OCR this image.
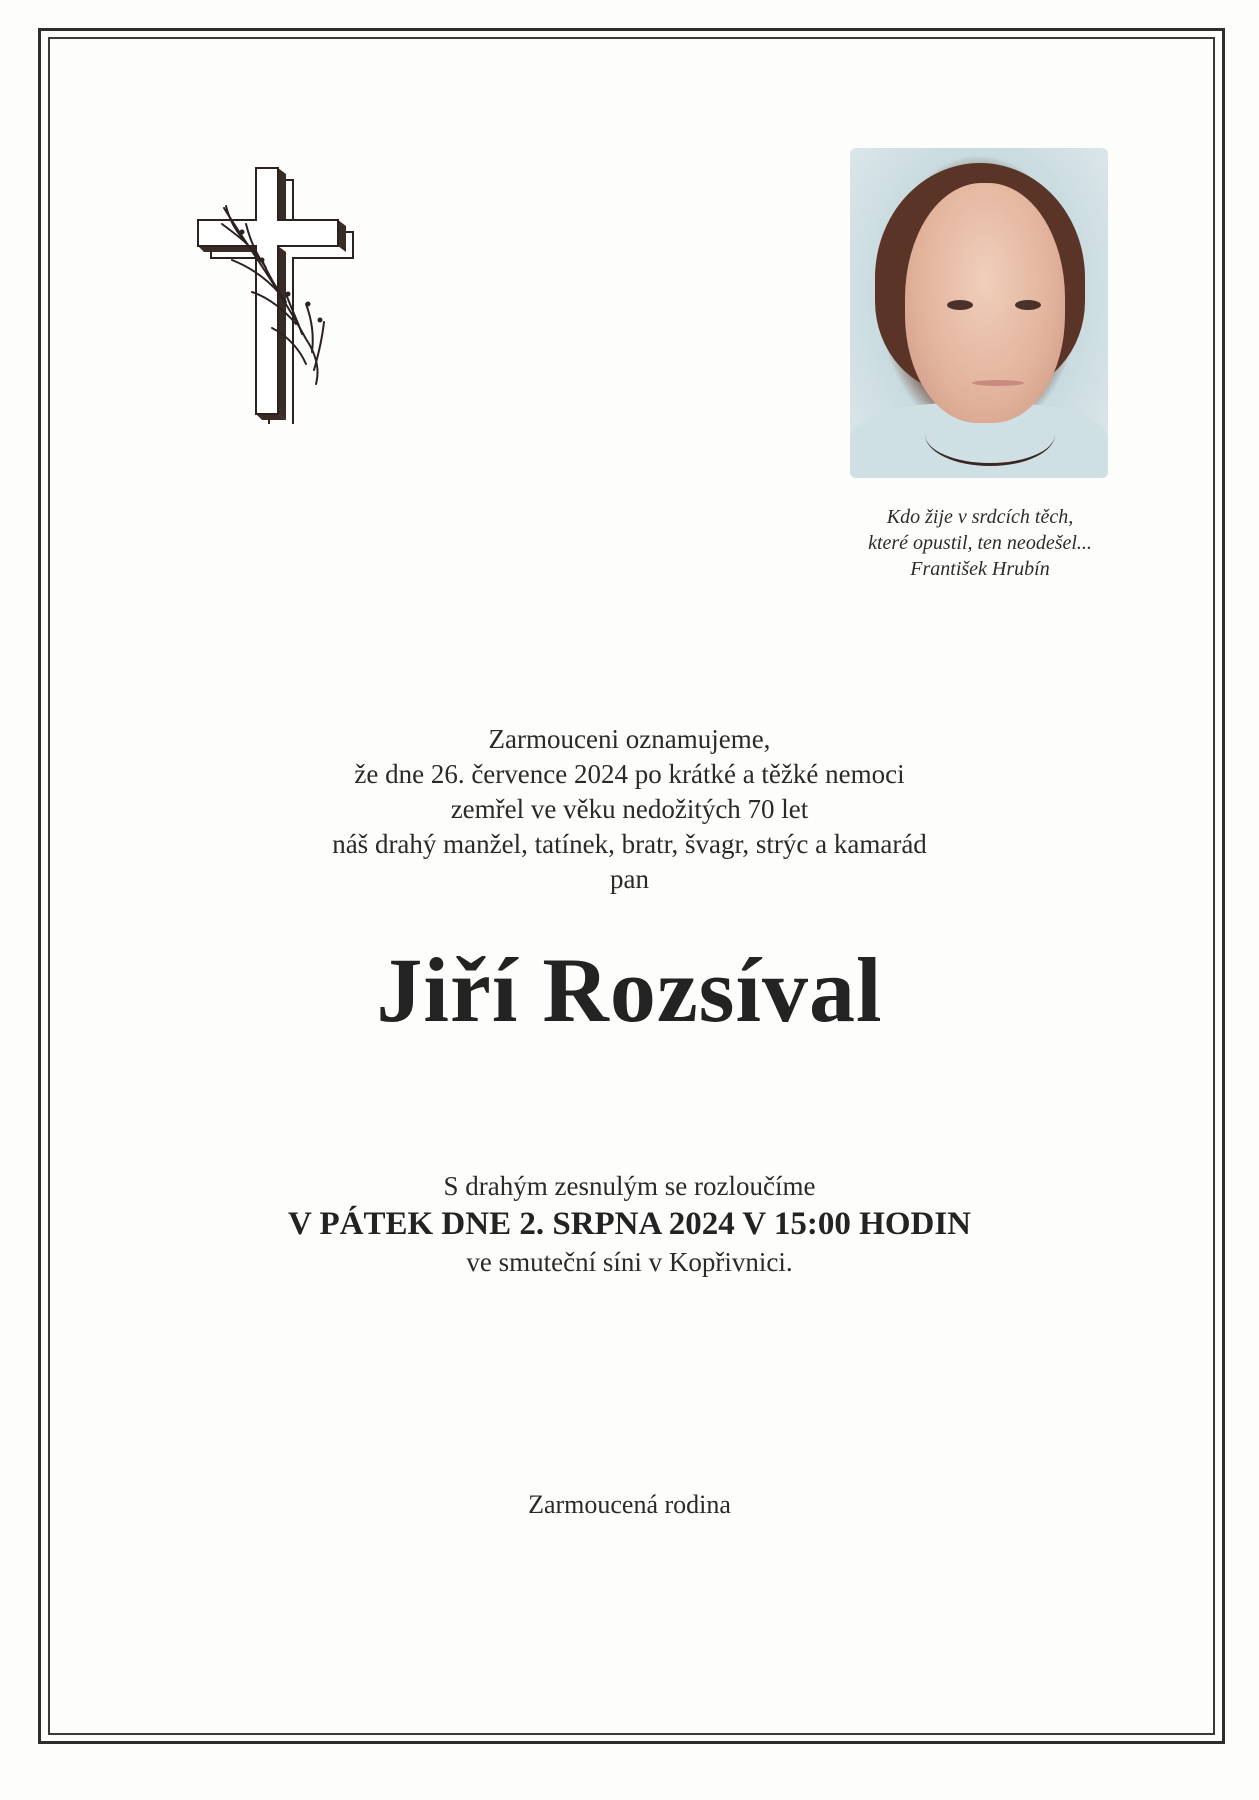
Kdo žije v srdcích těch,
které opustil, ten neodešel...
František Hrubín
Zarmouceni oznamujeme,
že dne 26. července 2024 po krátké a těžké nemoci
zemřel ve věku nedožitých 70 let
náš drahý manžel, tatínek, bratr, švagr, strýc a kamarád
pan
Jiří Rozsíval
S drahým zesnulým se rozloučíme
V PÁTEK DNE 2. SRPNA 2024 V 15:00 HODIN
ve smuteční síni v Kopřivnici.
Zarmoucená rodina
